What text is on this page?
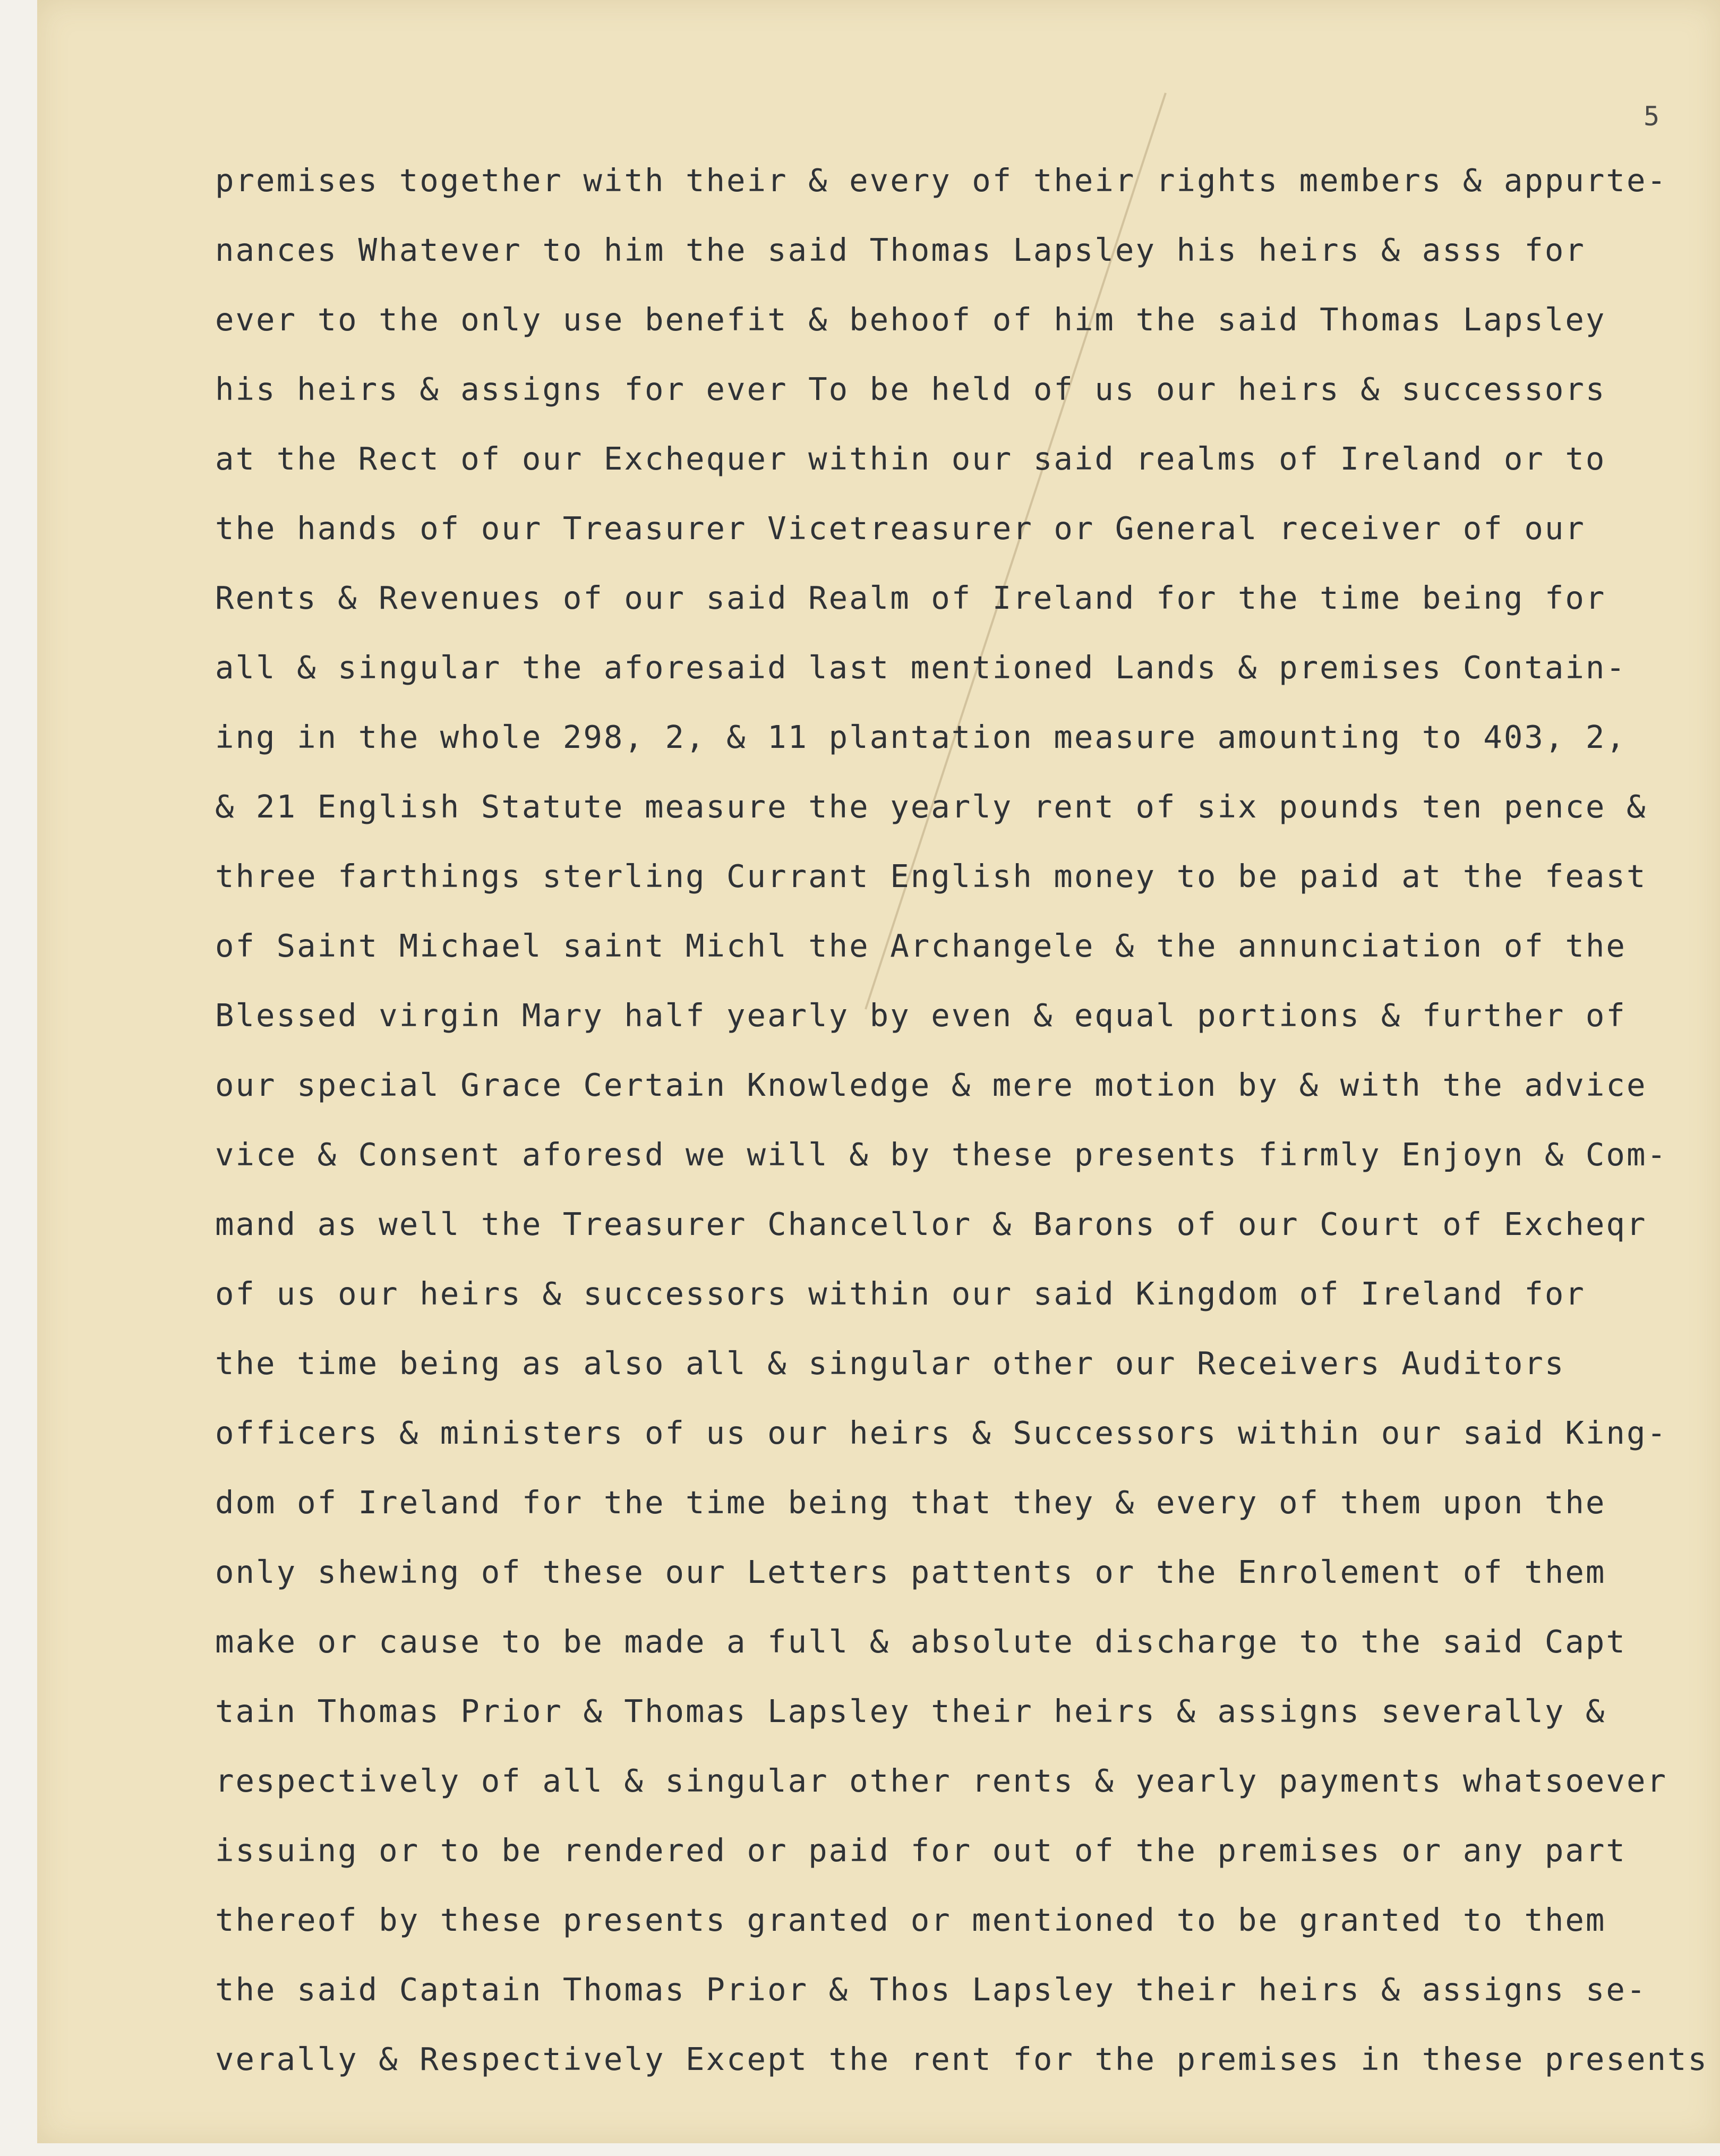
5
premises together with their & every of their rights members & appurte-
nances Whatever to him the said Thomas Lapsley his heirs & asss for
ever to the only use benefit & behoof of him the said Thomas Lapsley
his heirs & assigns for ever To be held of us our heirs & successors
at the Rect of our Exchequer within our said realms of Ireland or to
the hands of our Treasurer Vicetreasurer or General receiver of our
Rents & Revenues of our said Realm of Ireland for the time being for
all & singular the aforesaid last mentioned Lands & premises Contain-
ing in the whole 298, 2, & 11 plantation measure amounting to 403, 2,
& 21 English Statute measure the yearly rent of six pounds ten pence &
three farthings sterling Currant English money to be paid at the feast
of Saint Michael saint Michl the Archangele & the annunciation of the
Blessed virgin Mary half yearly by even & equal portions & further of
our special Grace Certain Knowledge & mere motion by & with the advice
vice & Consent aforesd we will & by these presents firmly Enjoyn & Com-
mand as well the Treasurer Chancellor & Barons of our Court of Excheqr
of us our heirs & successors within our said Kingdom of Ireland for
the time being as also all & singular other our Receivers Auditors
officers & ministers of us our heirs & Successors within our said King-
dom of Ireland for the time being that they & every of them upon the
only shewing of these our Letters pattents or the Enrolement of them
make or cause to be made a full & absolute discharge to the said Capt
tain Thomas Prior & Thomas Lapsley their heirs & assigns severally &
respectively of all & singular other rents & yearly payments whatsoever
issuing or to be rendered or paid for out of the premises or any part
thereof by these presents granted or mentioned to be granted to them
the said Captain Thomas Prior & Thos Lapsley their heirs & assigns se-
verally & Respectively Except the rent for the premises in these presents
